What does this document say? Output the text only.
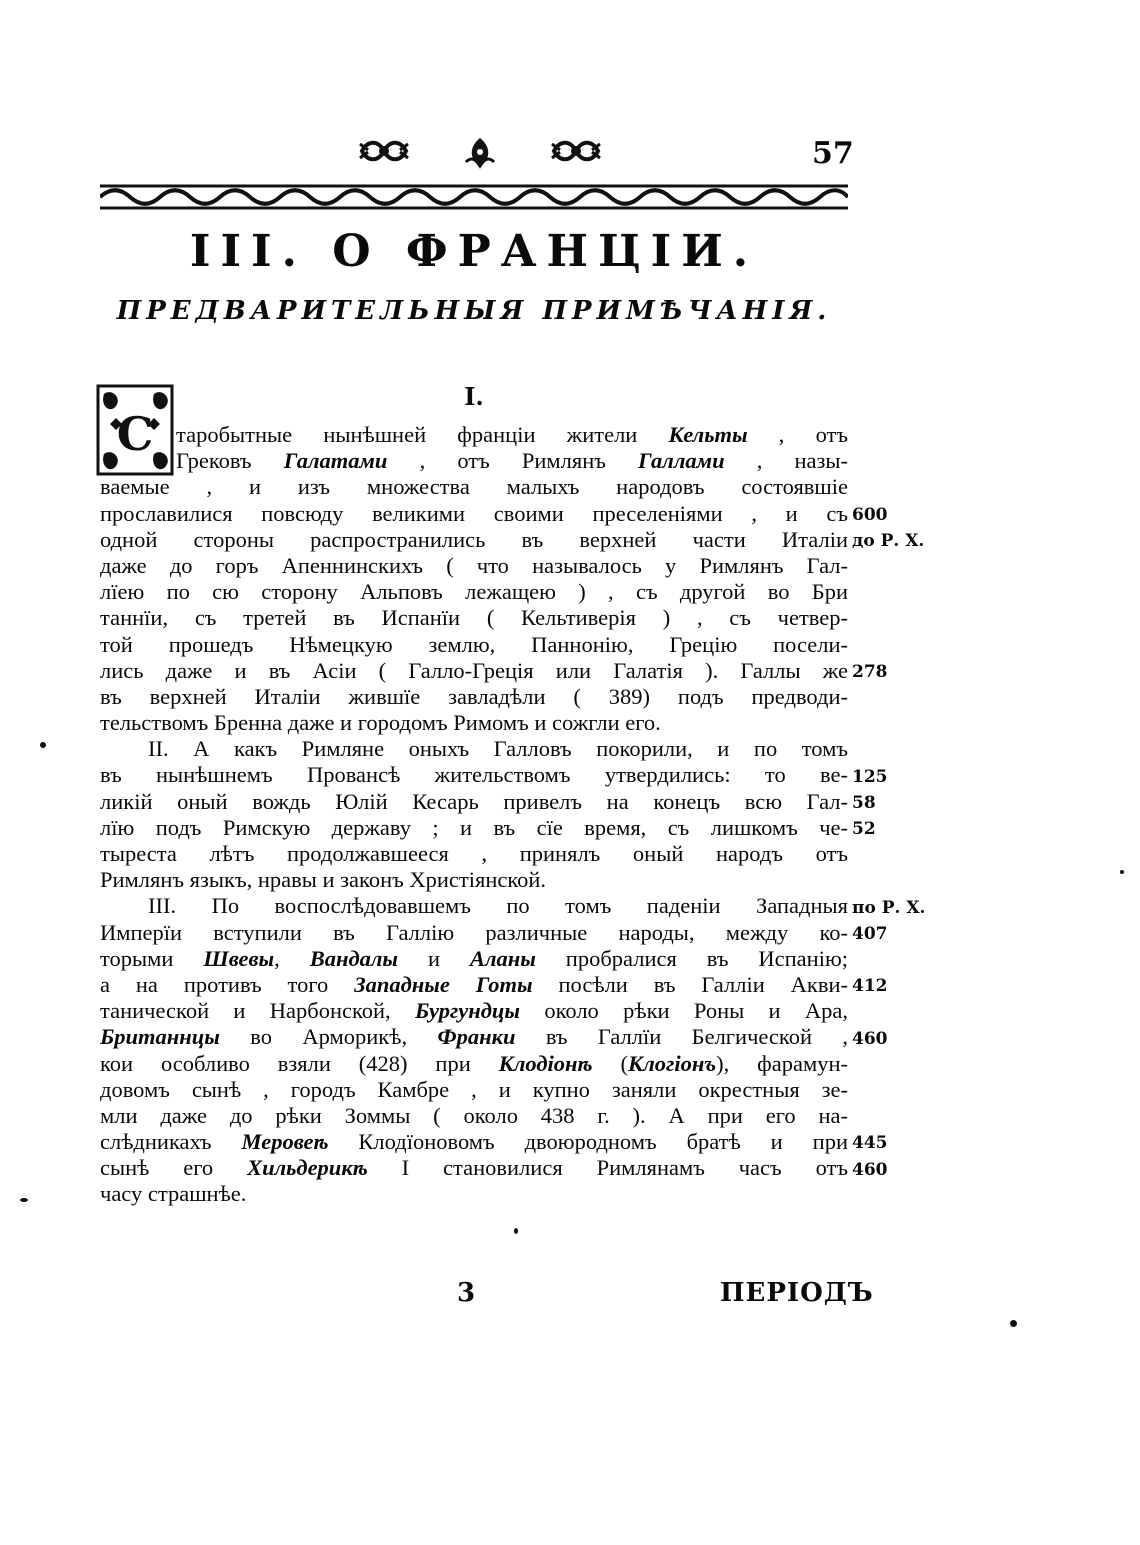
57
III. О ФРАНЦІИ.
ПРЕДВАРИТЕЛЬНЫЯ ПРИМѢЧАНІЯ.
I.
С	таробытные нынѣшней франціи жители Кельты , отъ
Грековъ Галатами , отъ Римлянъ Галлами , назы-
ваемые , и изъ множества малыхъ народовъ состоявшіе
прославилися повсюду великими своими преселеніями , и съ
одной стороны распространились въ верхней части Италіи
даже до горъ Апеннинскихъ ( что называлось у Римлянъ Гал-
лїею по сю сторону Альповъ лежащею ) , съ другой во Бри
таннїи, съ третей въ Испанїи ( Кельтиверія ) , съ четвер-
той прошедъ Нѣмецкую землю, Паннонію, Грецію посели-
лись даже и въ Асіи ( Галло-Греція или Галатія ). Галлы же
въ верхней Италіи жившїе завладѣли ( 389) подъ предводи-
тельствомъ Бренна даже и городомъ Римомъ и сожгли его.
II. А какъ Римляне оныхъ Галловъ покорили, и по томъ
въ нынѣшнемъ Провансѣ жительствомъ утвердились: то ве-
ликій оный вождь Юлій Кесарь привелъ на конецъ всю Гал-
лїю подъ Римскую державу ; и въ сїе время, съ лишкомъ че-
тыреста лѣтъ продолжавшееся , принялъ оный народъ отъ
Римлянъ языкъ, нравы и законъ Христіянской.
III. По воспослѣдовавшемъ по томъ паденіи Западныя
Имперїи вступили въ Галлію различные народы, между ко-
торыми Швевы, Вандалы и Аланы пробралися въ Испанію;
а на противъ того Западные Готы посѣли въ Галліи Акви-
танической и Нарбонской, Бургундцы около рѣки Роны и Ара,
Британнцы во Арморикѣ, Франки въ Галлїи Белгической ,
кои особливо взяли (428) при Клодіонѣ (Клогіонъ), фарамун-
довомъ сынѣ , городъ Камбре , и купно заняли окрестныя зе-
мли даже до рѣки Зоммы ( около 438 г. ). А при его на-
слѣдникахъ Меровеѣ Клодїоновомъ двоюродномъ братѣ и при
сынѣ его Хильдерикѣ I становилися Римлянамъ часъ отъ
часу страшнѣе.
600
до Р. Х.
278
125
58
52
по Р. Х.
407
412
460
445
460
3	ПЕРІОДЪ
